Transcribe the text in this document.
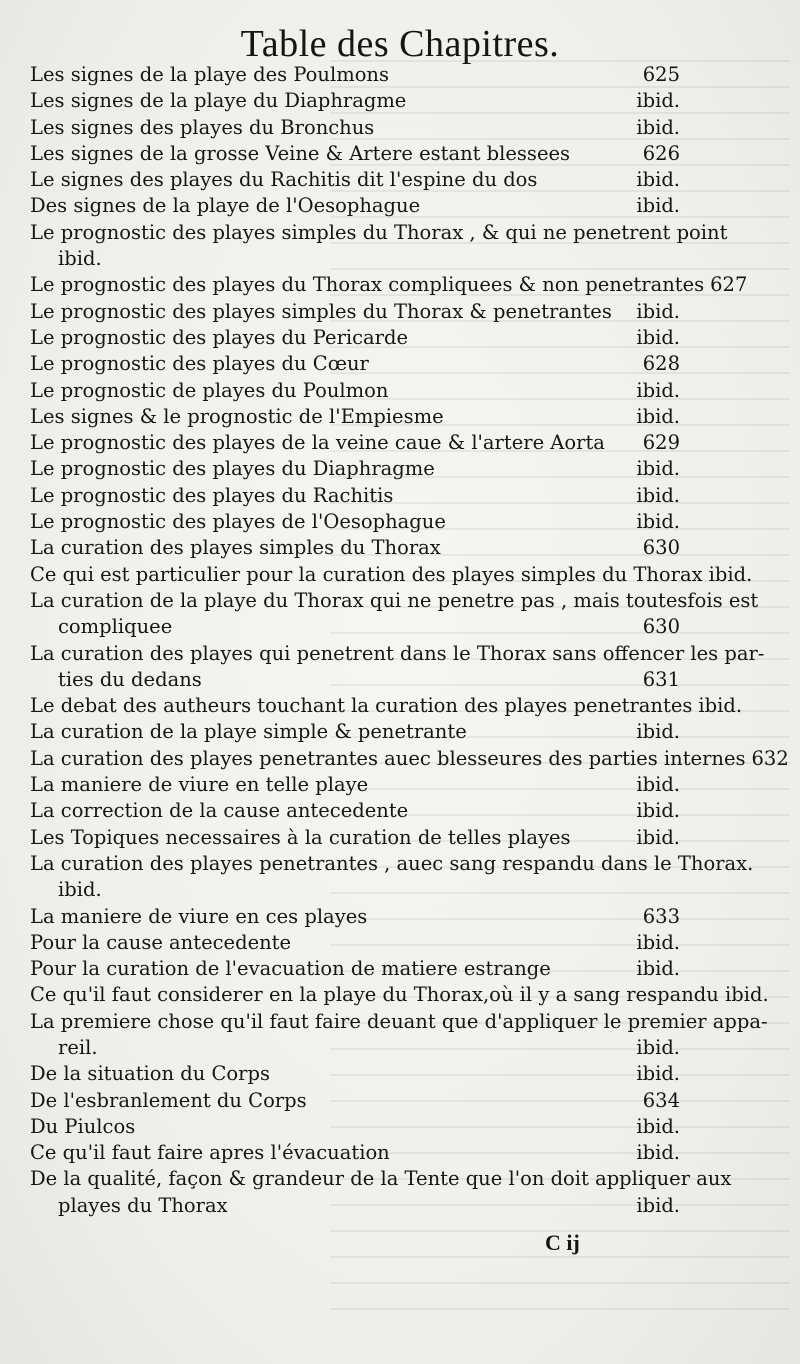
Table des Chapitres.
Les signes de la playe des Poulmons	625
Les signes de la playe du Diaphragme	ibid.
Les signes des playes du Bronchus	ibid.
Les signes de la grosse Veine & Artere estant blessees	626
Le signes des playes du Rachitis dit l'espine du dos	ibid.
Des signes de la playe de l'Oesophague	ibid.
Le prognostic des playes simples du Thorax , & qui ne penetrent point
ibid.
Le prognostic des playes du Thorax compliquees & non penetrantes 627
Le prognostic des playes simples du Thorax & penetrantes	ibid.
Le prognostic des playes du Pericarde	ibid.
Le prognostic des playes du Cœur	628
Le prognostic de playes du Poulmon	ibid.
Les signes & le prognostic de l'Empiesme	ibid.
Le prognostic des playes de la veine caue & l'artere Aorta	629
Le prognostic des playes du Diaphragme	ibid.
Le prognostic des playes du Rachitis	ibid.
Le prognostic des playes de l'Oesophague	ibid.
La curation des playes simples du Thorax	630
Ce qui est particulier pour la curation des playes simples du Thorax ibid.
La curation de la playe du Thorax qui ne penetre pas , mais toutesfois est
compliquee	630
La curation des playes qui penetrent dans le Thorax sans offencer les par-
ties du dedans	631
Le debat des autheurs touchant la curation des playes penetrantes ibid.
La curation de la playe simple & penetrante	ibid.
La curation des playes penetrantes auec blesseures des parties internes 632
La maniere de viure en telle playe	ibid.
La correction de la cause antecedente	ibid.
Les Topiques necessaires à la curation de telles playes	ibid.
La curation des playes penetrantes , auec sang respandu dans le Thorax.
ibid.
La maniere de viure en ces playes	633
Pour la cause antecedente	ibid.
Pour la curation de l'evacuation de matiere estrange	ibid.
Ce qu'il faut considerer en la playe du Thorax,où il y a sang respandu ibid.
La premiere chose qu'il faut faire deuant que d'appliquer le premier appa-
reil.	ibid.
De la situation du Corps	ibid.
De l'esbranlement du Corps	634
Du Piulcos	ibid.
Ce qu'il faut faire apres l'évacuation	ibid.
De la qualité, façon & grandeur de la Tente que l'on doit appliquer aux
playes du Thorax	ibid.
C ij
